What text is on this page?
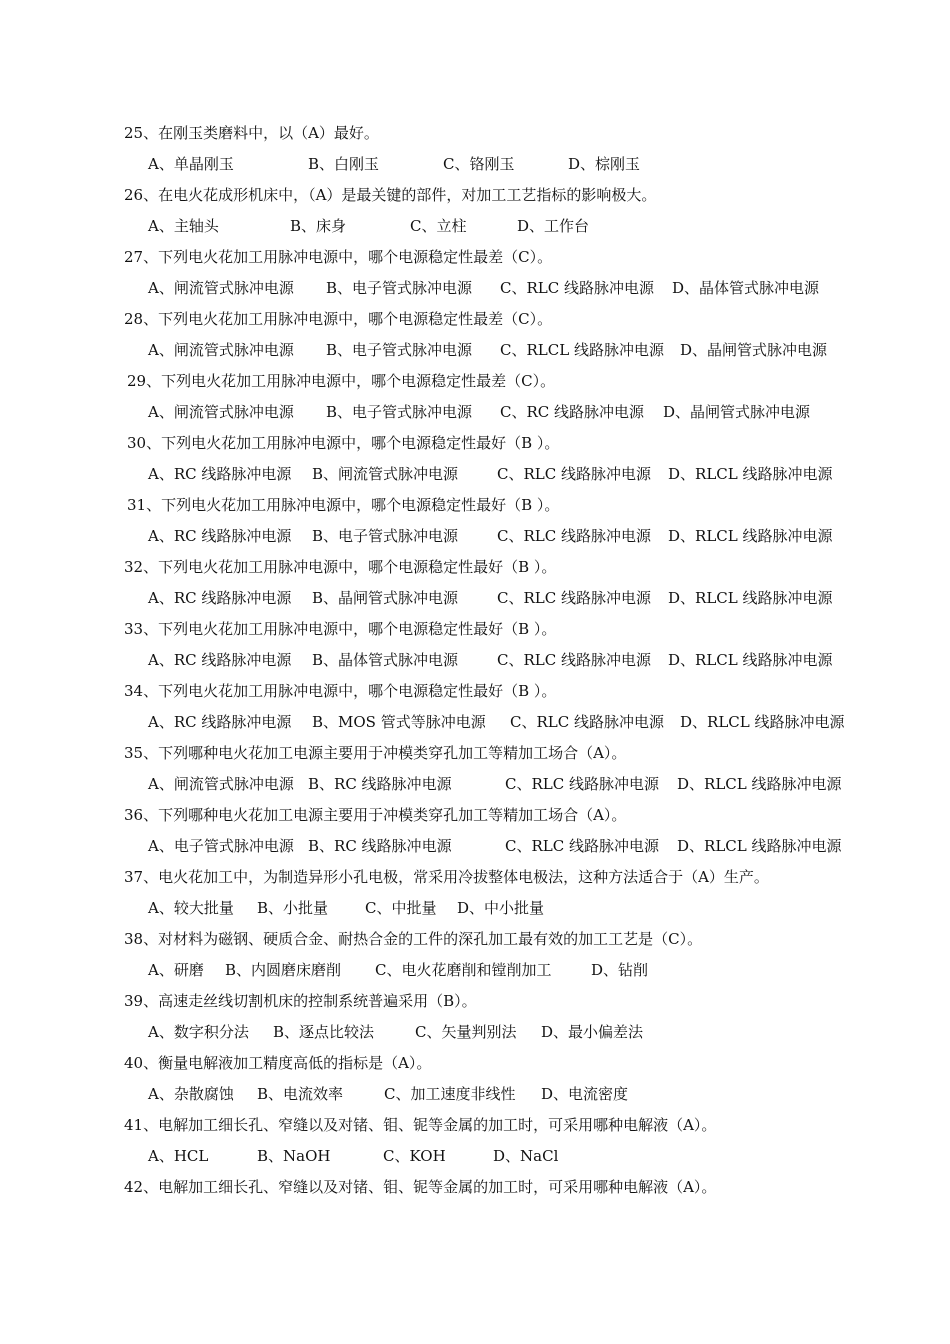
25、在刚玉类磨料中，以（A）最好。
A、单晶刚玉	B、白刚玉	C、铬刚玉	D、棕刚玉
26、在电火花成形机床中，（A）是最关键的部件，对加工工艺指标的影响极大。
A、主轴头	B、床身	C、立柱	D、工作台
27、下列电火花加工用脉冲电源中，哪个电源稳定性最差（C）。
A、闸流管式脉冲电源 B、电子管式脉冲电源 C、RLC 线路脉冲电源 D、晶体管式脉冲电源
28、下列电火花加工用脉冲电源中，哪个电源稳定性最差（C）。
A、闸流管式脉冲电源 B、电子管式脉冲电源 C、RLCL 线路脉冲电源 D、晶闸管式脉冲电源
29、下列电火花加工用脉冲电源中，哪个电源稳定性最差（C）。
A、闸流管式脉冲电源 B、电子管式脉冲电源 C、RC 线路脉冲电源 D、晶闸管式脉冲电源
30、下列电火花加工用脉冲电源中，哪个电源稳定性最好（B ）。
A、RC 线路脉冲电源 B、闸流管式脉冲电源	C、RLC 线路脉冲电源 D、RLCL 线路脉冲电源
31、下列电火花加工用脉冲电源中，哪个电源稳定性最好（B ）。
A、RC 线路脉冲电源 B、电子管式脉冲电源	C、RLC 线路脉冲电源 D、RLCL 线路脉冲电源
32、下列电火花加工用脉冲电源中，哪个电源稳定性最好（B ）。
A、RC 线路脉冲电源 B、晶闸管式脉冲电源	C、RLC 线路脉冲电源 D、RLCL 线路脉冲电源
33、下列电火花加工用脉冲电源中，哪个电源稳定性最好（B ）。
A、RC 线路脉冲电源 B、晶体管式脉冲电源	C、RLC 线路脉冲电源 D、RLCL 线路脉冲电源
34、下列电火花加工用脉冲电源中，哪个电源稳定性最好（B ）。
A、RC 线路脉冲电源 B、MOS 管式等脉冲电源 C、RLC 线路脉冲电源 D、RLCL 线路脉冲电源
35、下列哪种电火花加工电源主要用于冲模类穿孔加工等精加工场合（A）。
A、闸流管式脉冲电源 B、RC 线路脉冲电源	C、RLC 线路脉冲电源 D、RLCL 线路脉冲电源
36、下列哪种电火花加工电源主要用于冲模类穿孔加工等精加工场合（A）。
A、电子管式脉冲电源 B、RC 线路脉冲电源	C、RLC 线路脉冲电源 D、RLCL 线路脉冲电源
37、电火花加工中，为制造异形小孔电极，常采用冷拔整体电极法，这种方法适合于（A）生产。
A、较大批量 B、小批量 C、中批量 D、中小批量
38、对材料为磁钢、硬质合金、耐热合金的工件的深孔加工最有效的加工工艺是（C）。
A、研磨 B、内圆磨床磨削 C、电火花磨削和镗削加工	D、钻削
39、高速走丝线切割机床的控制系统普遍采用（B）。
A、数字积分法 B、逐点比较法	C、矢量判别法 D、最小偏差法
40、衡量电解液加工精度高低的指标是（A）。
A、杂散腐蚀 B、电流效率	C、加工速度非线性 D、电流密度
41、电解加工细长孔、窄缝以及对锗、钼、铌等金属的加工时，可采用哪种电解液（A）。
A、HCL	B、NaOH	C、KOH	D、NaCl
42、电解加工细长孔、窄缝以及对锗、钼、铌等金属的加工时，可采用哪种电解液（A）。
